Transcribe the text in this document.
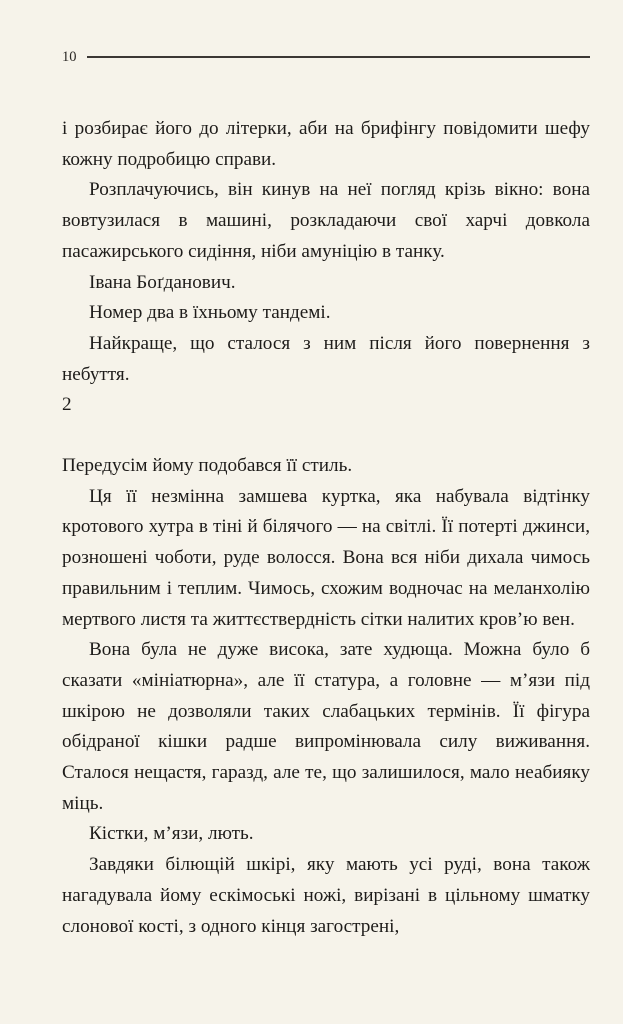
10

і розбирає його до літерки, аби на брифінгу повідомити шефу кожну подробицю справи.

Розплачуючись, він кинув на неї погляд крізь вікно: вона вовтузилася в машині, розкладаючи свої харчі довкола пасажирського сидіння, ніби амуніцію в танку.

Івана Боґданович.

Номер два в їхньому тандемі.

Найкраще, що сталося з ним після його повернення з небуття.

2

Передусім йому подобався її стиль.

Ця її незмінна замшева куртка, яка набувала відтінку кротового хутра в тіні й білячого — на світлі. Її потерті джинси, розношені чоботи, руде волосся. Вона вся ніби дихала чимось правильним і теплим. Чимось, схожим водночас на меланхолію мертвого листя та життєствердність сітки налитих кров’ю вен.

Вона була не дуже висока, зате худюща. Можна було б сказати «мініатюрна», але її статура, а головне — м’язи під шкірою не дозволяли таких слабацьких термінів. Її фігура обідраної кішки радше випромінювала силу виживання. Сталося нещастя, гаразд, але те, що залишилося, мало неабияку міць.

Кістки, м’язи, лють.

Завдяки білющій шкірі, яку мають усі руді, вона також нагадувала йому ескімоські ножі, вирізані в цільному шматку слонової кості, з одного кінця загострені,
